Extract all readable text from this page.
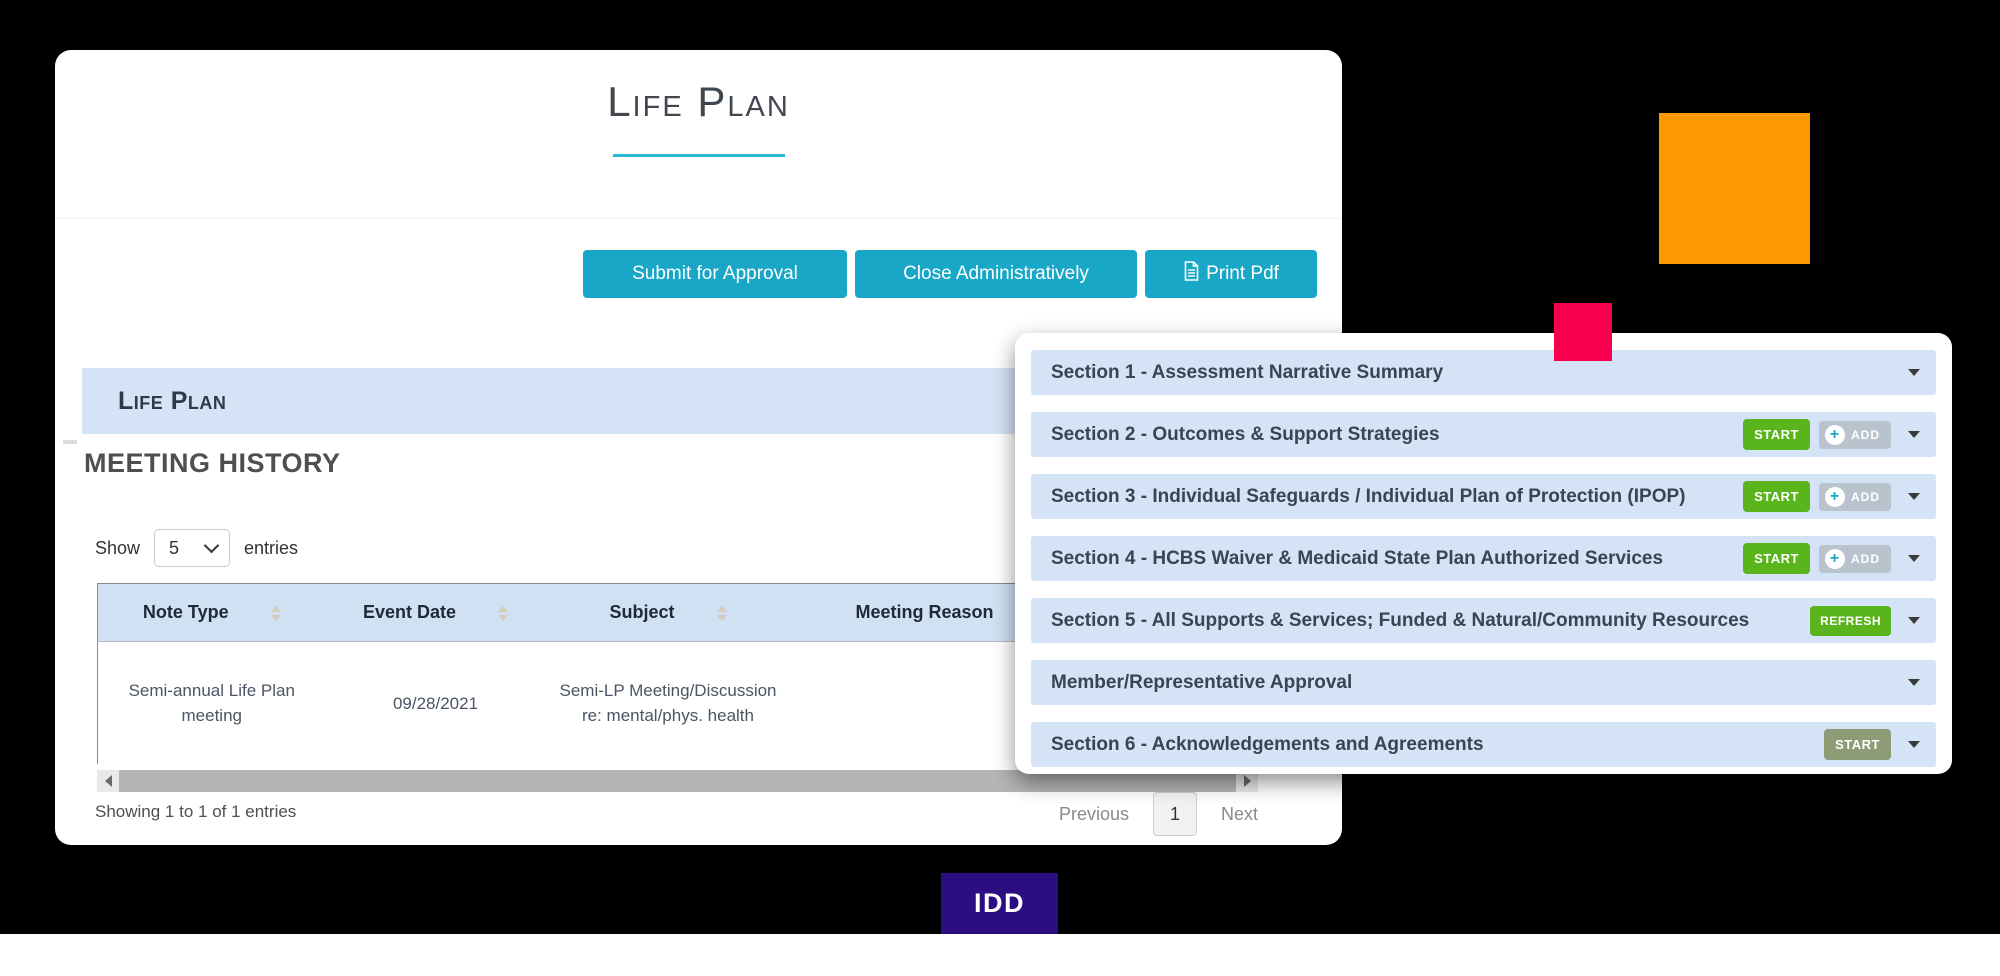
IDD
Life Plan
Submit for Approval	Close Administratively	Print Pdf
Life Plan
MEETING HISTORY
Show 5	entries
Note Type	Event Date	Subject	Meeting Reason	
Semi-annual Life Plan meeting	09/28/2021	Semi-LP Meeting/Discussion re: mental/phys. health		
Showing 1 to 1 of 1 entries	Previous	1	Next
Section 1 - Assessment Narrative Summary
Section 2 - Outcomes & Support Strategies	START	+ ADD
Section 3 - Individual Safeguards / Individual Plan of Protection (IPOP)	START	+ ADD
Section 4 - HCBS Waiver & Medicaid State Plan Authorized Services	START	+ ADD
Section 5 - All Supports & Services; Funded & Natural/Community Resources	REFRESH
Member/Representative Approval
Section 6 - Acknowledgements and Agreements	START
